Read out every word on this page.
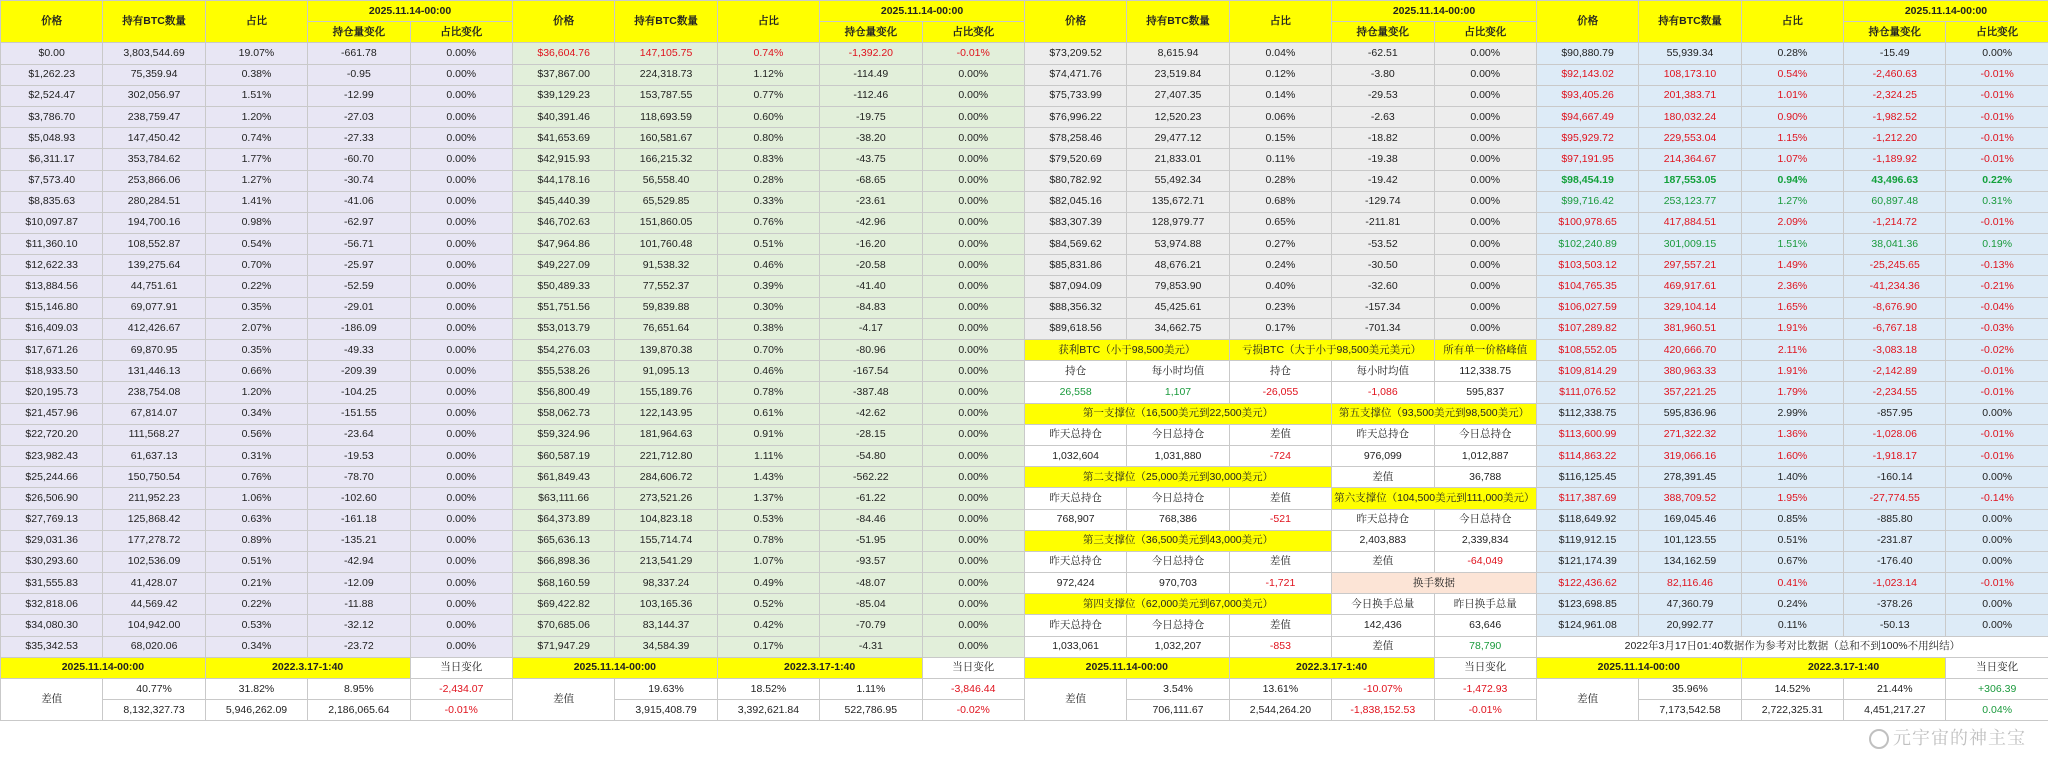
价格	持有BTC数量	占比	2025.11.14-00:00		价格	持有BTC数量	占比	2025.11.14-00:00		价格	持有BTC数量	占比	2025.11.14-00:00		价格	持有BTC数量	占比	2025.11.14-00:00	
			持仓量变化	占比变化				持仓量变化	占比变化				持仓量变化	占比变化				持仓量变化	占比变化
$0.00	3,803,544.69	19.07%	-661.78	0.00%	$36,604.76	147,105.75	0.74%	-1,392.20	-0.01%	$73,209.52	8,615.94	0.04%	-62.51	0.00%	$90,880.79	55,939.34	0.28%	-15.49	0.00%
$1,262.23	75,359.94	0.38%	-0.95	0.00%	$37,867.00	224,318.73	1.12%	-114.49	0.00%	$74,471.76	23,519.84	0.12%	-3.80	0.00%	$92,143.02	108,173.10	0.54%	-2,460.63	-0.01%
$2,524.47	302,056.97	1.51%	-12.99	0.00%	$39,129.23	153,787.55	0.77%	-112.46	0.00%	$75,733.99	27,407.35	0.14%	-29.53	0.00%	$93,405.26	201,383.71	1.01%	-2,324.25	-0.01%
$3,786.70	238,759.47	1.20%	-27.03	0.00%	$40,391.46	118,693.59	0.60%	-19.75	0.00%	$76,996.22	12,520.23	0.06%	-2.63	0.00%	$94,667.49	180,032.24	0.90%	-1,982.52	-0.01%
$5,048.93	147,450.42	0.74%	-27.33	0.00%	$41,653.69	160,581.67	0.80%	-38.20	0.00%	$78,258.46	29,477.12	0.15%	-18.82	0.00%	$95,929.72	229,553.04	1.15%	-1,212.20	-0.01%
$6,311.17	353,784.62	1.77%	-60.70	0.00%	$42,915.93	166,215.32	0.83%	-43.75	0.00%	$79,520.69	21,833.01	0.11%	-19.38	0.00%	$97,191.95	214,364.67	1.07%	-1,189.92	-0.01%
$7,573.40	253,866.06	1.27%	-30.74	0.00%	$44,178.16	56,558.40	0.28%	-68.65	0.00%	$80,782.92	55,492.34	0.28%	-19.42	0.00%	$98,454.19	187,553.05	0.94%	43,496.63	0.22%
$8,835.63	280,284.51	1.41%	-41.06	0.00%	$45,440.39	65,529.85	0.33%	-23.61	0.00%	$82,045.16	135,672.71	0.68%	-129.74	0.00%	$99,716.42	253,123.77	1.27%	60,897.48	0.31%
$10,097.87	194,700.16	0.98%	-62.97	0.00%	$46,702.63	151,860.05	0.76%	-42.96	0.00%	$83,307.39	128,979.77	0.65%	-211.81	0.00%	$100,978.65	417,884.51	2.09%	-1,214.72	-0.01%
$11,360.10	108,552.87	0.54%	-56.71	0.00%	$47,964.86	101,760.48	0.51%	-16.20	0.00%	$84,569.62	53,974.88	0.27%	-53.52	0.00%	$102,240.89	301,009.15	1.51%	38,041.36	0.19%
$12,622.33	139,275.64	0.70%	-25.97	0.00%	$49,227.09	91,538.32	0.46%	-20.58	0.00%	$85,831.86	48,676.21	0.24%	-30.50	0.00%	$103,503.12	297,557.21	1.49%	-25,245.65	-0.13%
$13,884.56	44,751.61	0.22%	-52.59	0.00%	$50,489.33	77,552.37	0.39%	-41.40	0.00%	$87,094.09	79,853.90	0.40%	-32.60	0.00%	$104,765.35	469,917.61	2.36%	-41,234.36	-0.21%
$15,146.80	69,077.91	0.35%	-29.01	0.00%	$51,751.56	59,839.88	0.30%	-84.83	0.00%	$88,356.32	45,425.61	0.23%	-157.34	0.00%	$106,027.59	329,104.14	1.65%	-8,676.90	-0.04%
$16,409.03	412,426.67	2.07%	-186.09	0.00%	$53,013.79	76,651.64	0.38%	-4.17	0.00%	$89,618.56	34,662.75	0.17%	-701.34	0.00%	$107,289.82	381,960.51	1.91%	-6,767.18	-0.03%
$17,671.26	69,870.95	0.35%	-49.33	0.00%	$54,276.03	139,870.38	0.70%	-80.96	0.00%	获利BTC（小于98,500美元）		亏损BTC（大于小于98,500美元美元）		所有单一价格峰值	$108,552.05	420,666.70	2.11%	-3,083.18	-0.02%
$18,933.50	131,446.13	0.66%	-209.39	0.00%	$55,538.26	91,095.13	0.46%	-167.54	0.00%	持仓	每小时均值	持仓	每小时均值	112,338.75	$109,814.29	380,963.33	1.91%	-2,142.89	-0.01%
$20,195.73	238,754.08	1.20%	-104.25	0.00%	$56,800.49	155,189.76	0.78%	-387.48	0.00%	26,558	1,107	-26,055	-1,086	595,837	$111,076.52	357,221.25	1.79%	-2,234.55	-0.01%
$21,457.96	67,814.07	0.34%	-151.55	0.00%	$58,062.73	122,143.95	0.61%	-42.62	0.00%	第一支撑位（16,500美元到22,500美元）			第五支撑位（93,500美元到98,500美元）		$112,338.75	595,836.96	2.99%	-857.95	0.00%
$22,720.20	111,568.27	0.56%	-23.64	0.00%	$59,324.96	181,964.63	0.91%	-28.15	0.00%	昨天总持仓	今日总持仓	差值	昨天总持仓	今日总持仓	$113,600.99	271,322.32	1.36%	-1,028.06	-0.01%
$23,982.43	61,637.13	0.31%	-19.53	0.00%	$60,587.19	221,712.80	1.11%	-54.80	0.00%	1,032,604	1,031,880	-724	976,099	1,012,887	$114,863.22	319,066.16	1.60%	-1,918.17	-0.01%
$25,244.66	150,750.54	0.76%	-78.70	0.00%	$61,849.43	284,606.72	1.43%	-562.22	0.00%	第二支撑位（25,000美元到30,000美元）			差值	36,788	$116,125.45	278,391.45	1.40%	-160.14	0.00%
$26,506.90	211,952.23	1.06%	-102.60	0.00%	$63,111.66	273,521.26	1.37%	-61.22	0.00%	昨天总持仓	今日总持仓	差值	第六支撑位（104,500美元到111,000美元）		$117,387.69	388,709.52	1.95%	-27,774.55	-0.14%
$27,769.13	125,868.42	0.63%	-161.18	0.00%	$64,373.89	104,823.18	0.53%	-84.46	0.00%	768,907	768,386	-521	昨天总持仓	今日总持仓	$118,649.92	169,045.46	0.85%	-885.80	0.00%
$29,031.36	177,278.72	0.89%	-135.21	0.00%	$65,636.13	155,714.74	0.78%	-51.95	0.00%	第三支撑位（36,500美元到43,000美元）			2,403,883	2,339,834	$119,912.15	101,123.55	0.51%	-231.87	0.00%
$30,293.60	102,536.09	0.51%	-42.94	0.00%	$66,898.36	213,541.29	1.07%	-93.57	0.00%	昨天总持仓	今日总持仓	差值	差值	-64,049	$121,174.39	134,162.59	0.67%	-176.40	0.00%
$31,555.83	41,428.07	0.21%	-12.09	0.00%	$68,160.59	98,337.24	0.49%	-48.07	0.00%	972,424	970,703	-1,721	换手数据		$122,436.62	82,116.46	0.41%	-1,023.14	-0.01%
$32,818.06	44,569.42	0.22%	-11.88	0.00%	$69,422.82	103,165.36	0.52%	-85.04	0.00%	第四支撑位（62,000美元到67,000美元）			今日换手总量	昨日换手总量	$123,698.85	47,360.79	0.24%	-378.26	0.00%
$34,080.30	104,942.00	0.53%	-32.12	0.00%	$70,685.06	83,144.37	0.42%	-70.79	0.00%	昨天总持仓	今日总持仓	差值	142,436	63,646	$124,961.08	20,992.77	0.11%	-50.13	0.00%
$35,342.53	68,020.06	0.34%	-23.72	0.00%	$71,947.29	34,584.39	0.17%	-4.31	0.00%	1,033,061	1,032,207	-853	差值	78,790	2022年3月17日01:40数据作为参考对比数据（总和不到100%不用纠结）				
2025.11.14-00:00		2022.3.17-1:40		当日变化	2025.11.14-00:00		2022.3.17-1:40		当日变化	2025.11.14-00:00		2022.3.17-1:40		当日变化	2025.11.14-00:00		2022.3.17-1:40		当日变化
差值	40.77%	31.82%	8.95%	-2,434.07	差值	19.63%	18.52%	1.11%	-3,846.44	差值	3.54%	13.61%	-10.07%	-1,472.93	差值	35.96%	14.52%	21.44%	+306.39
	8,132,327.73	5,946,262.09	2,186,065.64	-0.01%		3,915,408.79	3,392,621.84	522,786.95	-0.02%		706,111.67	2,544,264.20	-1,838,152.53	-0.01%		7,173,542.58	2,722,325.31	4,451,217.27	0.04%
元宇宙的神主宝
